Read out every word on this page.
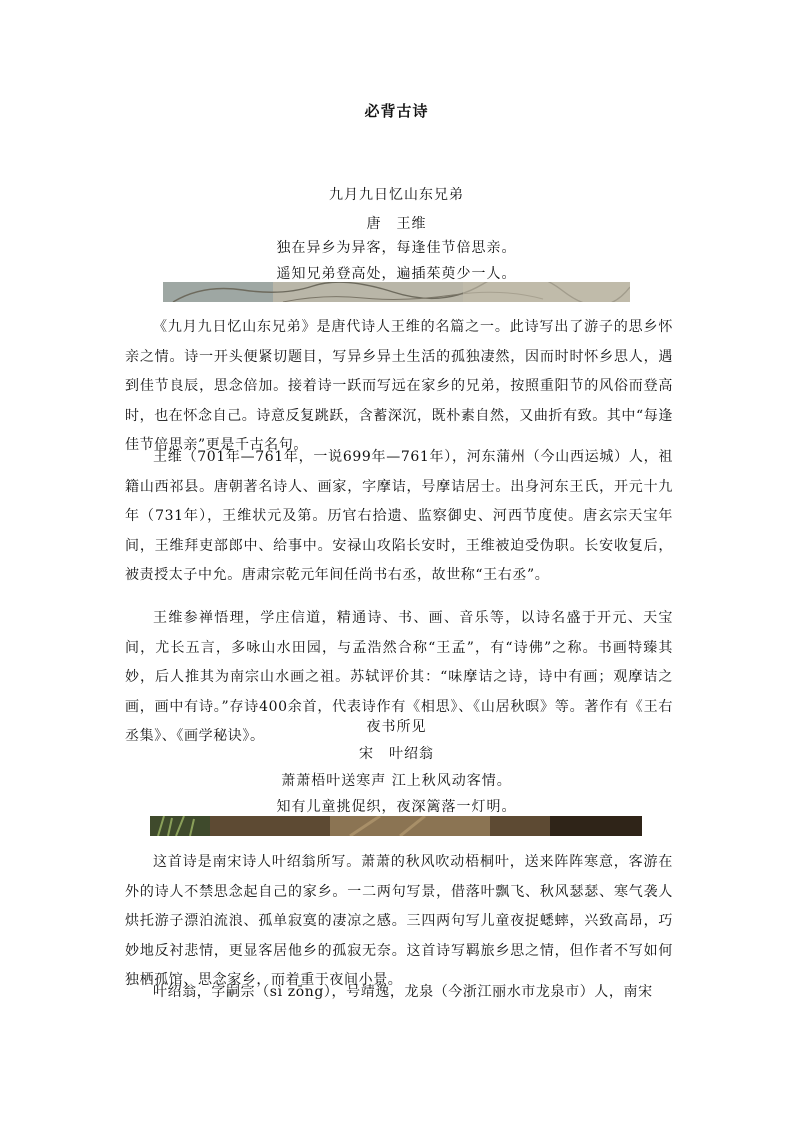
必背古诗
九月九日忆山东兄弟
唐　王维
独在异乡为异客，每逢佳节倍思亲。
遥知兄弟登高处，遍插茱萸少一人。

《九月九日忆山东兄弟》是唐代诗人王维的名篇之一。此诗写出了游子的思乡怀亲之情。诗一开头便紧切题目，写异乡异土生活的孤独凄然，因而时时怀乡思人，遇到佳节良辰，思念倍加。接着诗一跃而写远在家乡的兄弟，按照重阳节的风俗而登高时，也在怀念自己。诗意反复跳跃，含蓄深沉，既朴素自然，又曲折有致。其中“每逢佳节倍思亲”更是千古名句。

王维（701年—761年，一说699年—761年），河东蒲州（今山西运城）人，祖籍山西祁县。唐朝著名诗人、画家，字摩诘，号摩诘居士。出身河东王氏，开元十九年（731年），王维状元及第。历官右拾遗、监察御史、河西节度使。唐玄宗天宝年间，王维拜吏部郎中、给事中。安禄山攻陷长安时，王维被迫受伪职。长安收复后，被责授太子中允。唐肃宗乾元年间任尚书右丞，故世称“王右丞”。

王维参禅悟理，学庄信道，精通诗、书、画、音乐等，以诗名盛于开元、天宝间，尤长五言，多咏山水田园，与孟浩然合称“王孟”，有“诗佛”之称。书画特臻其妙，后人推其为南宗山水画之祖。苏轼评价其：“味摩诘之诗，诗中有画；观摩诘之画，画中有诗。”存诗400余首，代表诗作有《相思》、《山居秋暝》等。著作有《王右丞集》、《画学秘诀》。

夜书所见
宋　叶绍翁
萧萧梧叶送寒声 江上秋风动客情。
知有儿童挑促织，夜深篱落一灯明。

这首诗是南宋诗人叶绍翁所写。萧萧的秋风吹动梧桐叶，送来阵阵寒意，客游在外的诗人不禁思念起自己的家乡。一二两句写景，借落叶飘飞、秋风瑟瑟、寒气袭人烘托游子漂泊流浪、孤单寂寞的凄凉之感。三四两句写儿童夜捉蟋蟀，兴致高昂，巧妙地反衬悲情，更显客居他乡的孤寂无奈。这首诗写羁旅乡思之情，但作者不写如何独栖孤馆、思念家乡，而着重于夜间小景。

叶绍翁，字嗣宗（sì zōng），号靖逸，龙泉（今浙江丽水市龙泉市）人，南宋
